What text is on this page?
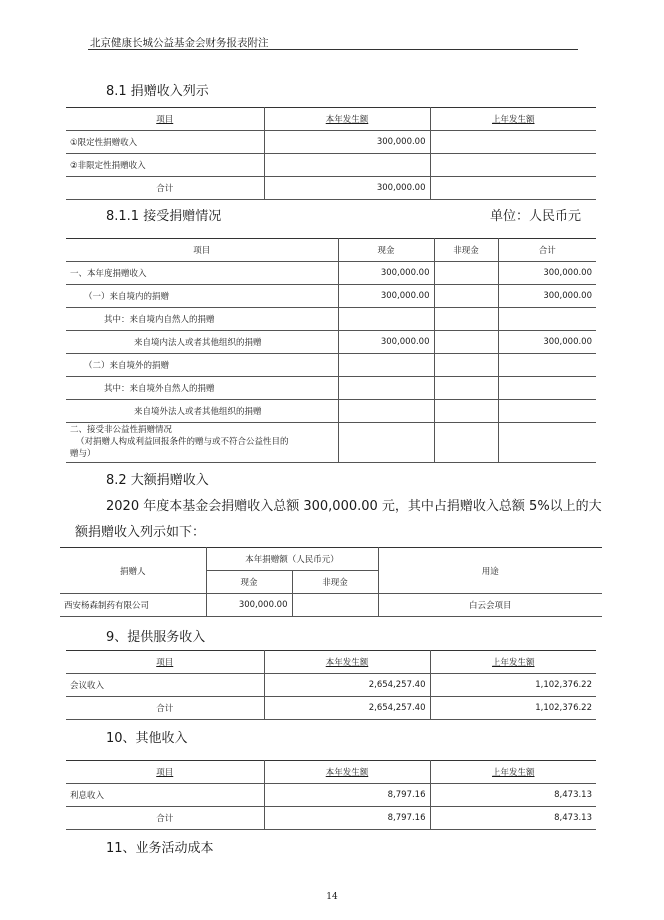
北京健康长城公益基金会财务报表附注
8.1 捐赠收入列示
项目	本年发生额	上年发生额
①限定性捐赠收入	300,000.00	
②非限定性捐赠收入		
合计	300,000.00	
8.1.1 接受捐赠情况	单位：人民币元
项目	现金	非现金	合计
一、本年度捐赠收入	300,000.00		300,000.00
（一）来自境内的捐赠	300,000.00		300,000.00
其中：来自境内自然人的捐赠			
来自境内法人或者其他组织的捐赠	300,000.00		300,000.00
（二）来自境外的捐赠			
其中：来自境外自然人的捐赠			
来自境外法人或者其他组织的捐赠			

二、接受非公益性捐赠情况
（对捐赠人构成利益回报条件的赠与或不符合公益性目的
赠与）			

8.2 大额捐赠收入
2020 年度本基金会捐赠收入总额 300,000.00 元，其中占捐赠收入总额 5%以上的大
额捐赠收入列示如下：
捐赠人	本年捐赠额（人民币元）		用途
	现金	非现金	
西安杨森制药有限公司	300,000.00		白云会项目
9、提供服务收入
项目	本年发生额	上年发生额
会议收入	2,654,257.40	1,102,376.22
合计	2,654,257.40	1,102,376.22
10、其他收入
项目	本年发生额	上年发生额
利息收入	8,797.16	8,473.13
合计	8,797.16	8,473.13
11、业务活动成本
14
